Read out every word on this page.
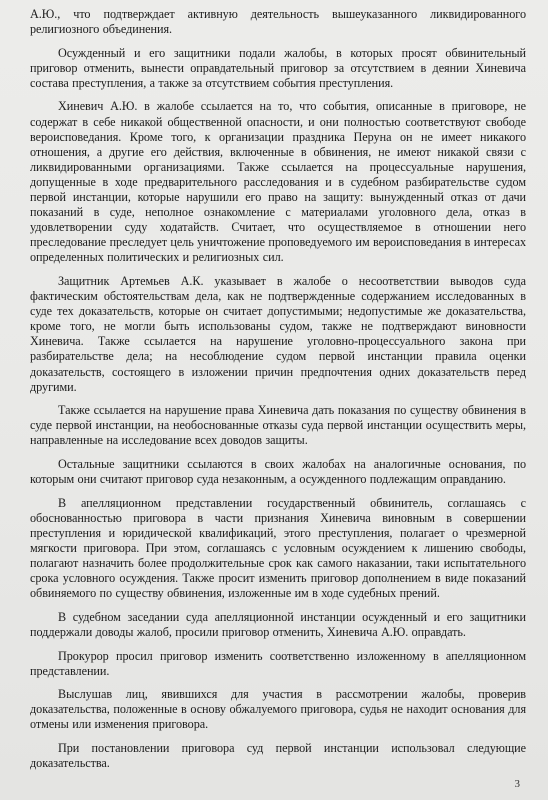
А.Ю., что подтверждает активную деятельность вышеуказанного ликвидированного религиозного объединения.

Осужденный и его защитники подали жалобы, в которых просят обвинительный приговор отменить, вынести оправдательный приговор за отсутствием в деянии Хиневича состава преступления, а также за отсутствием события преступления.

Хиневич А.Ю. в жалобе ссылается на то, что события, описанные в приговоре, не содержат в себе никакой общественной опасности, и они полностью соответствуют свободе вероисповедания. Кроме того, к организации праздника Перуна он не имеет никакого отношения, а другие его действия, включенные в обвинения, не имеют никакой связи с ликвидированными организациями. Также ссылается на процессуальные нарушения, допущенные в ходе предварительного расследования и в судебном разбирательстве судом первой инстанции, которые нарушили его право на защиту: вынужденный отказ от дачи показаний в суде, неполное ознакомление с материалами уголовного дела, отказ в удовлетворении суду ходатайств. Считает, что осуществляемое в отношении него преследование преследует цель уничтожение проповедуемого им вероисповедания в интересах определенных политических и религиозных сил.

Защитник Артемьев А.К. указывает в жалобе о несоответствии выводов суда фактическим обстоятельствам дела, как не подтвержденные содержанием исследованных в суде тех доказательств, которые он считает допустимыми; недопустимые же доказательства, кроме того, не могли быть использованы судом, также не подтверждают виновности Хиневича. Также ссылается на нарушение уголовно-процессуального закона при разбирательстве дела; на несоблюдение судом первой инстанции правила оценки доказательств, состоящего в изложении причин предпочтения одних доказательств перед другими.

Также ссылается на нарушение права Хиневича дать показания по существу обвинения в суде первой инстанции, на необоснованные отказы суда первой инстанции осуществить меры, направленные на исследование всех доводов защиты.

Остальные защитники ссылаются в своих жалобах на аналогичные основания, по которым они считают приговор суда незаконным, а осужденного подлежащим оправданию.

В апелляционном представлении государственный обвинитель, соглашаясь с обоснованностью приговора в части признания Хиневича виновным в совершении преступления и юридической квалификаций, этого преступления, полагает о чрезмерной мягкости приговора. При этом, соглашаясь с условным осуждением к лишению свободы, полагают назначить более продолжительные срок как самого наказании, таки испытательного срока условного осуждения. Также просит изменить приговор дополнением в виде показаний обвиняемого по существу обвинения, изложенные им в ходе судебных прений.

В судебном заседании суда апелляционной инстанции осужденный и его защитники поддержали доводы жалоб, просили приговор отменить, Хиневича А.Ю. оправдать.

Прокурор просил приговор изменить соответственно изложенному в апелляционном представлении.

Выслушав лиц, явившихся для участия в рассмотрении жалобы, проверив доказательства, положенные в основу обжалуемого приговора, судья не находит основания для отмены или изменения приговора.

При постановлении приговора суд первой инстанции использовал следующие доказательства.

3
